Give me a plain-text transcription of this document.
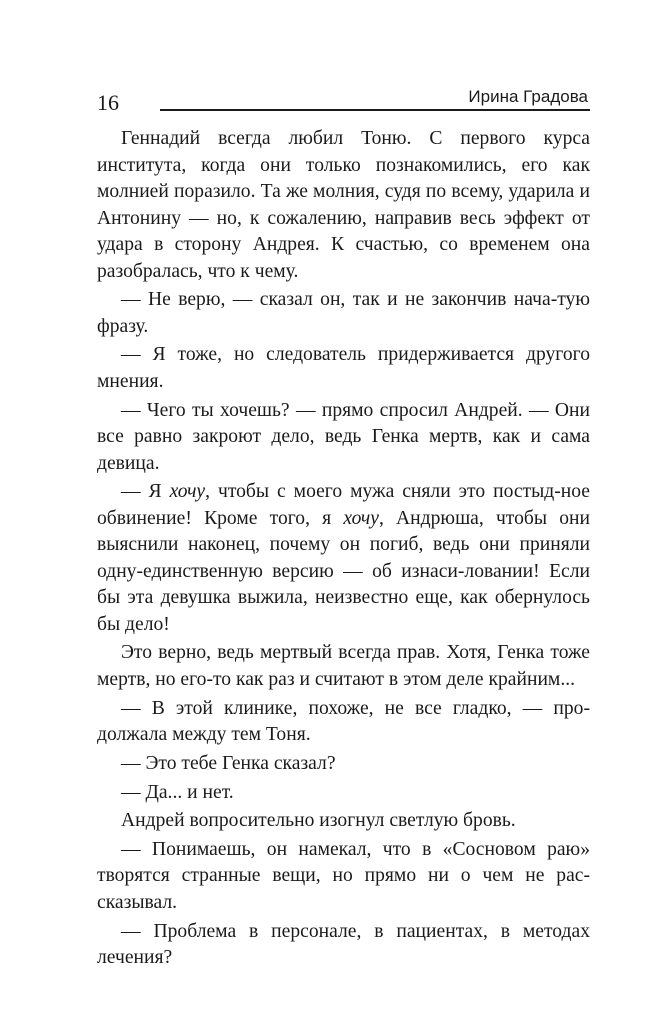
16	Ирина Градова

Геннадий всегда любил Тоню. С первого курса института, когда они только познакомились, его как молнией поразило. Та же молния, судя по всему, ударила и Антонину — но, к сожалению, направив весь эффект от удара в сторону Андрея. К счастью, со временем она разобралась, что к чему.

— Не верю, — сказал он, так и не закончив нача-тую фразу.

— Я тоже, но следователь придерживается другого мнения.

— Чего ты хочешь? — прямо спросил Андрей. — Они все равно закроют дело, ведь Генка мертв, как и сама девица.

— Я хочу, чтобы с моего мужа сняли это постыд-ное обвинение! Кроме того, я хочу, Андрюша, чтобы они выяснили наконец, почему он погиб, ведь они приняли одну-единственную версию — об изнаси-ловании! Если бы эта девушка выжила, неизвестно еще, как обернулось бы дело!

Это верно, ведь мертвый всегда прав. Хотя, Генка тоже мертв, но его-то как раз и считают в этом деле крайним...

— В этой клинике, похоже, не все гладко, — про-должала между тем Тоня.

— Это тебе Генка сказал?

— Да... и нет.

Андрей вопросительно изогнул светлую бровь.

— Понимаешь, он намекал, что в «Сосновом раю» творятся странные вещи, но прямо ни о чем не рас-сказывал.

— Проблема в персонале, в пациентах, в методах лечения?
